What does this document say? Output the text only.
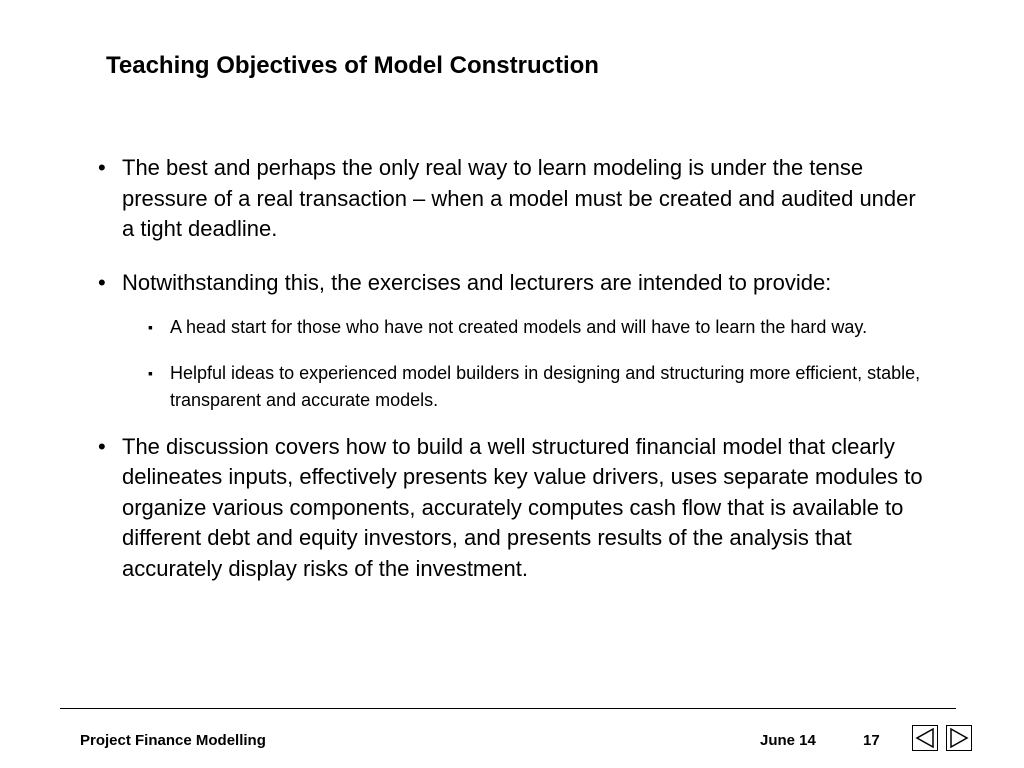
Teaching Objectives of Model Construction
• The best and perhaps the only real way to learn modeling is under the tense pressure of a real transaction – when a model must be created and audited under a tight deadline.
• Notwithstanding this, the exercises and lecturers are intended to provide:
▪ A head start for those who have not created models and will have to learn the hard way.
▪ Helpful ideas to experienced model builders in designing and structuring more efficient, stable, transparent and accurate models.
• The discussion covers how to build a well structured financial model that clearly delineates inputs, effectively presents key value drivers, uses separate modules to organize various components, accurately computes cash flow that is available to different debt and equity investors, and presents results of the analysis that accurately display risks of the investment.
Project Finance Modelling	June 14	17
